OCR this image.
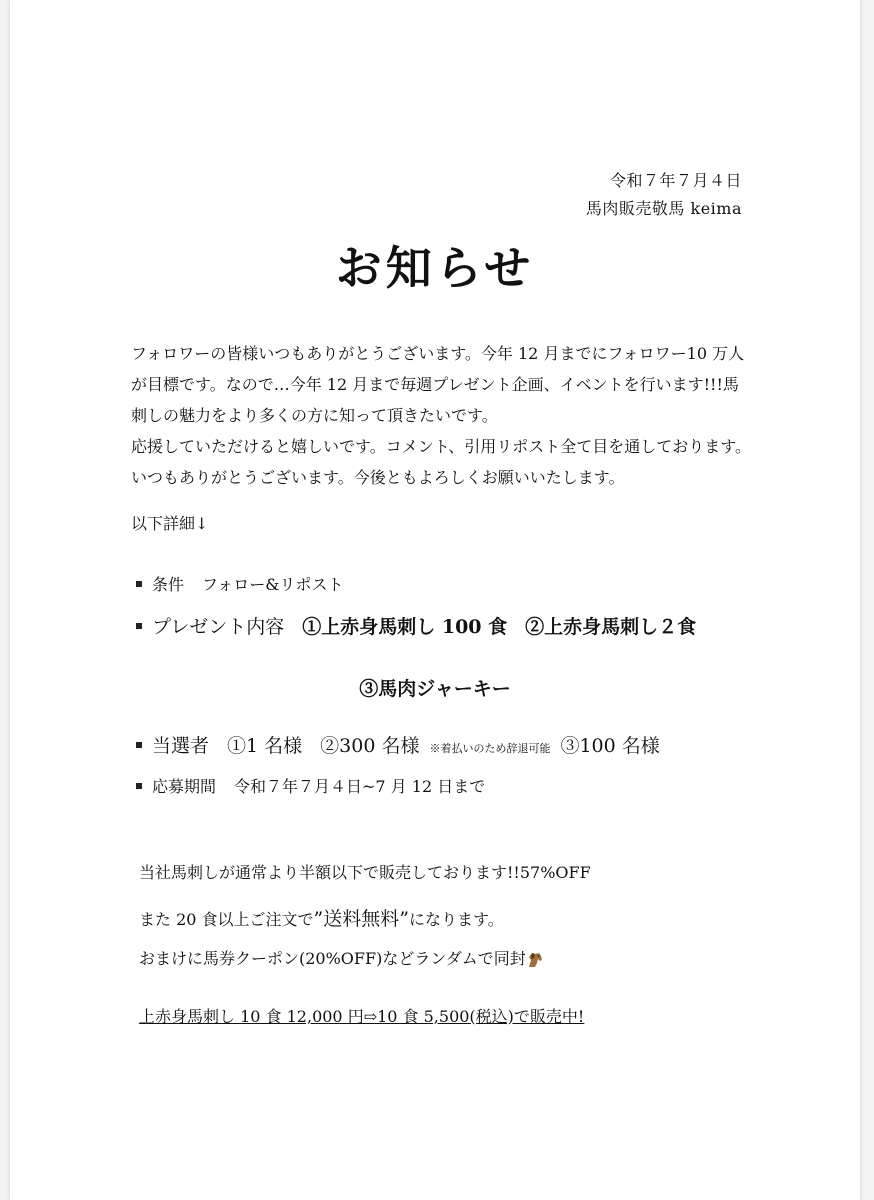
令和７年７月４日
馬肉販売敬馬 keima
お知らせ

フォロワーの皆様いつもありがとうございます。今年 12 月までにフォロワー10 万人が目標です。なので…今年 12 月まで毎週プレゼント企画、イベントを行います!!!馬刺しの魅力をより多くの方に知って頂きたいです。

応援していただけると嬉しいです。コメント、引用リポスト全て目を通しております。いつもありがとうございます。今後ともよろしくお願いいたします。

以下詳細↓
条件 フォロー&リポスト
プレゼント内容 ①上赤身馬刺し 100 食 ②上赤身馬刺し２食
③馬肉ジャーキー
当選者 ①1 名様 ②300 名様 ※着払いのため辞退可能 ③100 名様
応募期間 令和７年７月４日~7 月 12 日まで
当社馬刺しが通常より半額以下で販売しております!!57%OFF
また 20 食以上ご注文で”送料無料”になります。
おまけに馬券クーポン(20%OFF)などランダムで同封
上赤身馬刺し 10 食 12,000 円⇨10 食 5,500(税込)で販売中!
